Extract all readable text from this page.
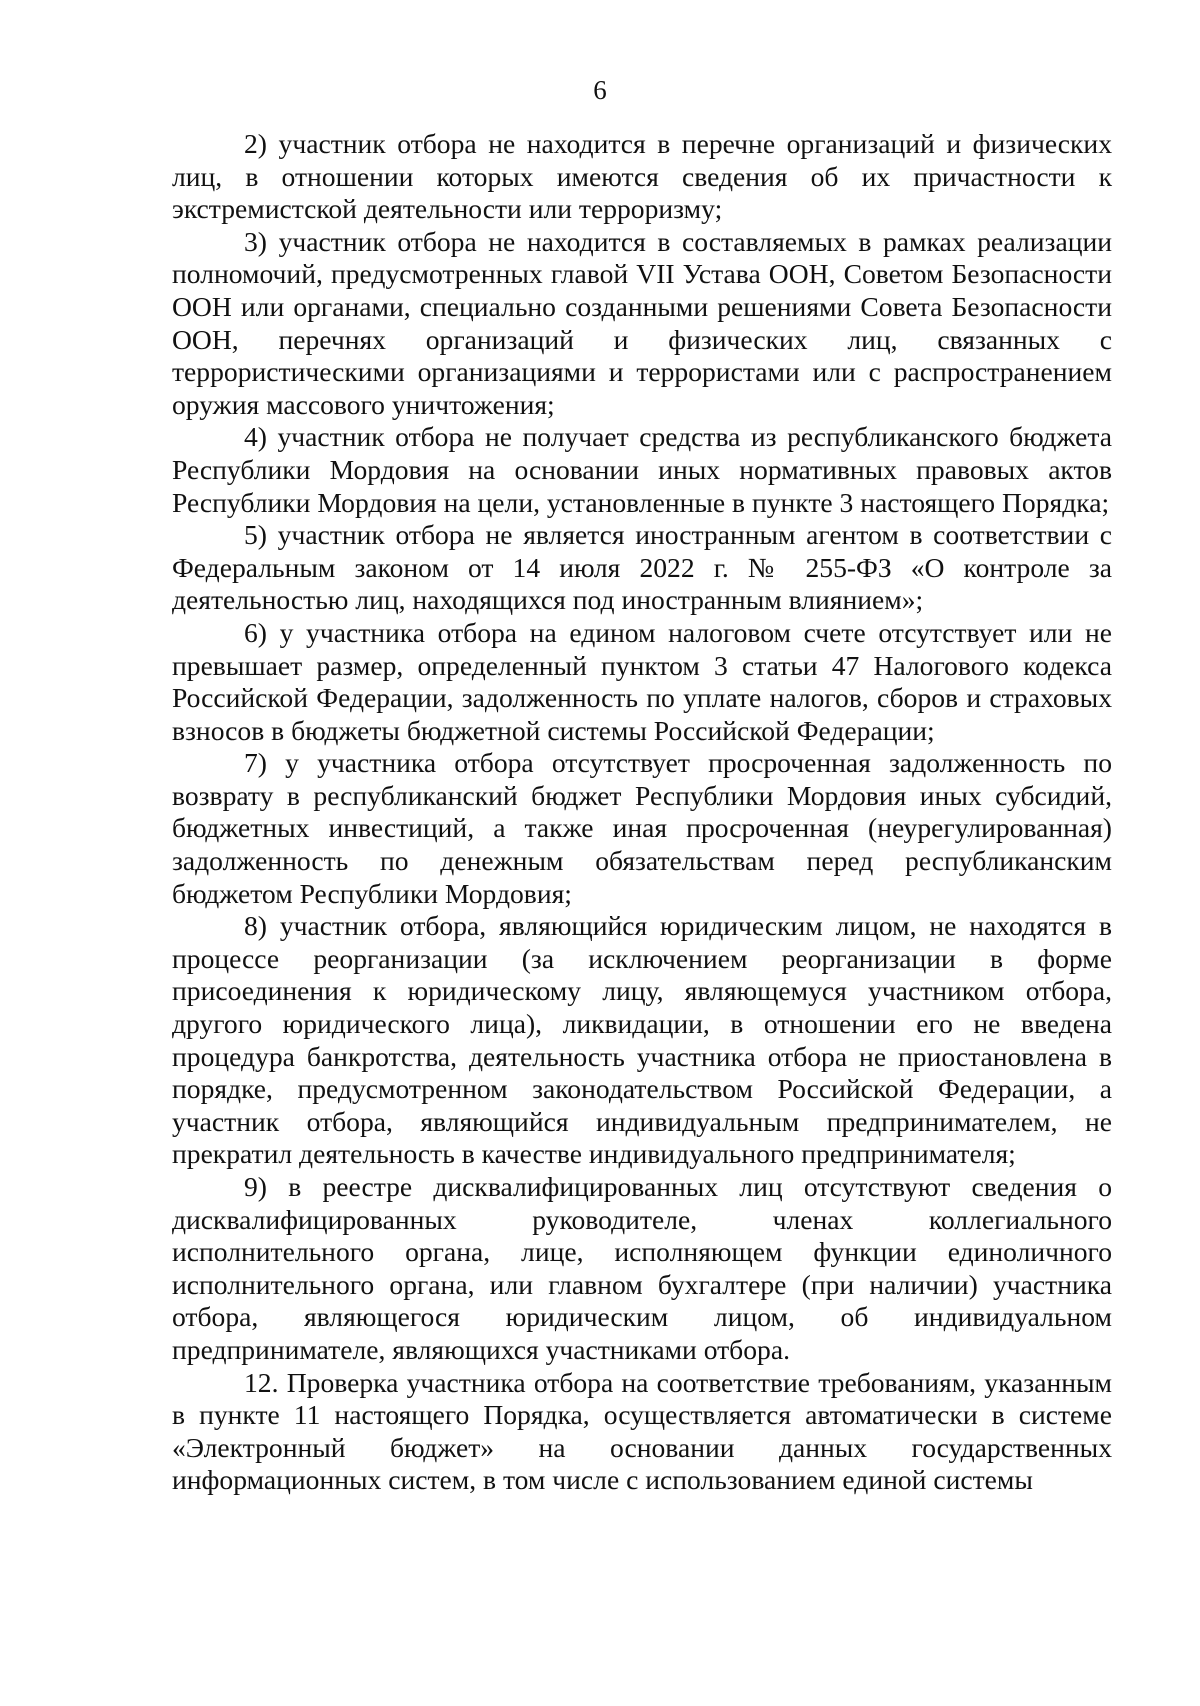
6

2) участник отбора не находится в перечне организаций и физических лиц, в отношении которых имеются сведения об их причастности к экстремистской деятельности или терроризму;

3) участник отбора не находится в составляемых в рамках реализации полномочий, предусмотренных главой VII Устава ООН, Советом Безопасности ООН или органами, специально созданными решениями Совета Безопасности ООН, перечнях организаций и физических лиц, связанных с террористическими организациями и террористами или с распространением оружия массового уничтожения;

4) участник отбора не получает средства из республиканского бюджета Республики Мордовия на основании иных нормативных правовых актов Республики Мордовия на цели, установленные в пункте 3 настоящего Порядка;

5) участник отбора не является иностранным агентом в соответствии с Федеральным законом от 14 июля 2022 г. № 255-ФЗ «О контроле за деятельностью лиц, находящихся под иностранным влиянием»;

6) у участника отбора на едином налоговом счете отсутствует или не превышает размер, определенный пунктом 3 статьи 47 Налогового кодекса Российской Федерации, задолженность по уплате налогов, сборов и страховых взносов в бюджеты бюджетной системы Российской Федерации;

7) у участника отбора отсутствует просроченная задолженность по возврату в республиканский бюджет Республики Мордовия иных субсидий, бюджетных инвестиций, а также иная просроченная (неурегулированная) задолженность по денежным обязательствам перед республиканским бюджетом Республики Мордовия;

8) участник отбора, являющийся юридическим лицом, не находятся в процессе реорганизации (за исключением реорганизации в форме присоединения к юридическому лицу, являющемуся участником отбора, другого юридического лица), ликвидации, в отношении его не введена процедура банкротства, деятельность участника отбора не приостановлена в порядке, предусмотренном законодательством Российской Федерации, а участник отбора, являющийся индивидуальным предпринимателем, не прекратил деятельность в качестве индивидуального предпринимателя;

9) в реестре дисквалифицированных лиц отсутствуют сведения о дисквалифицированных руководителе, членах коллегиального исполнительного органа, лице, исполняющем функции единоличного исполнительного органа, или главном бухгалтере (при наличии) участника отбора, являющегося юридическим лицом, об индивидуальном предпринимателе, являющихся участниками отбора.

12. Проверка участника отбора на соответствие требованиям, указанным в пункте 11 настоящего Порядка, осуществляется автоматически в системе «Электронный бюджет» на основании данных государственных информационных систем, в том числе с использованием единой системы
